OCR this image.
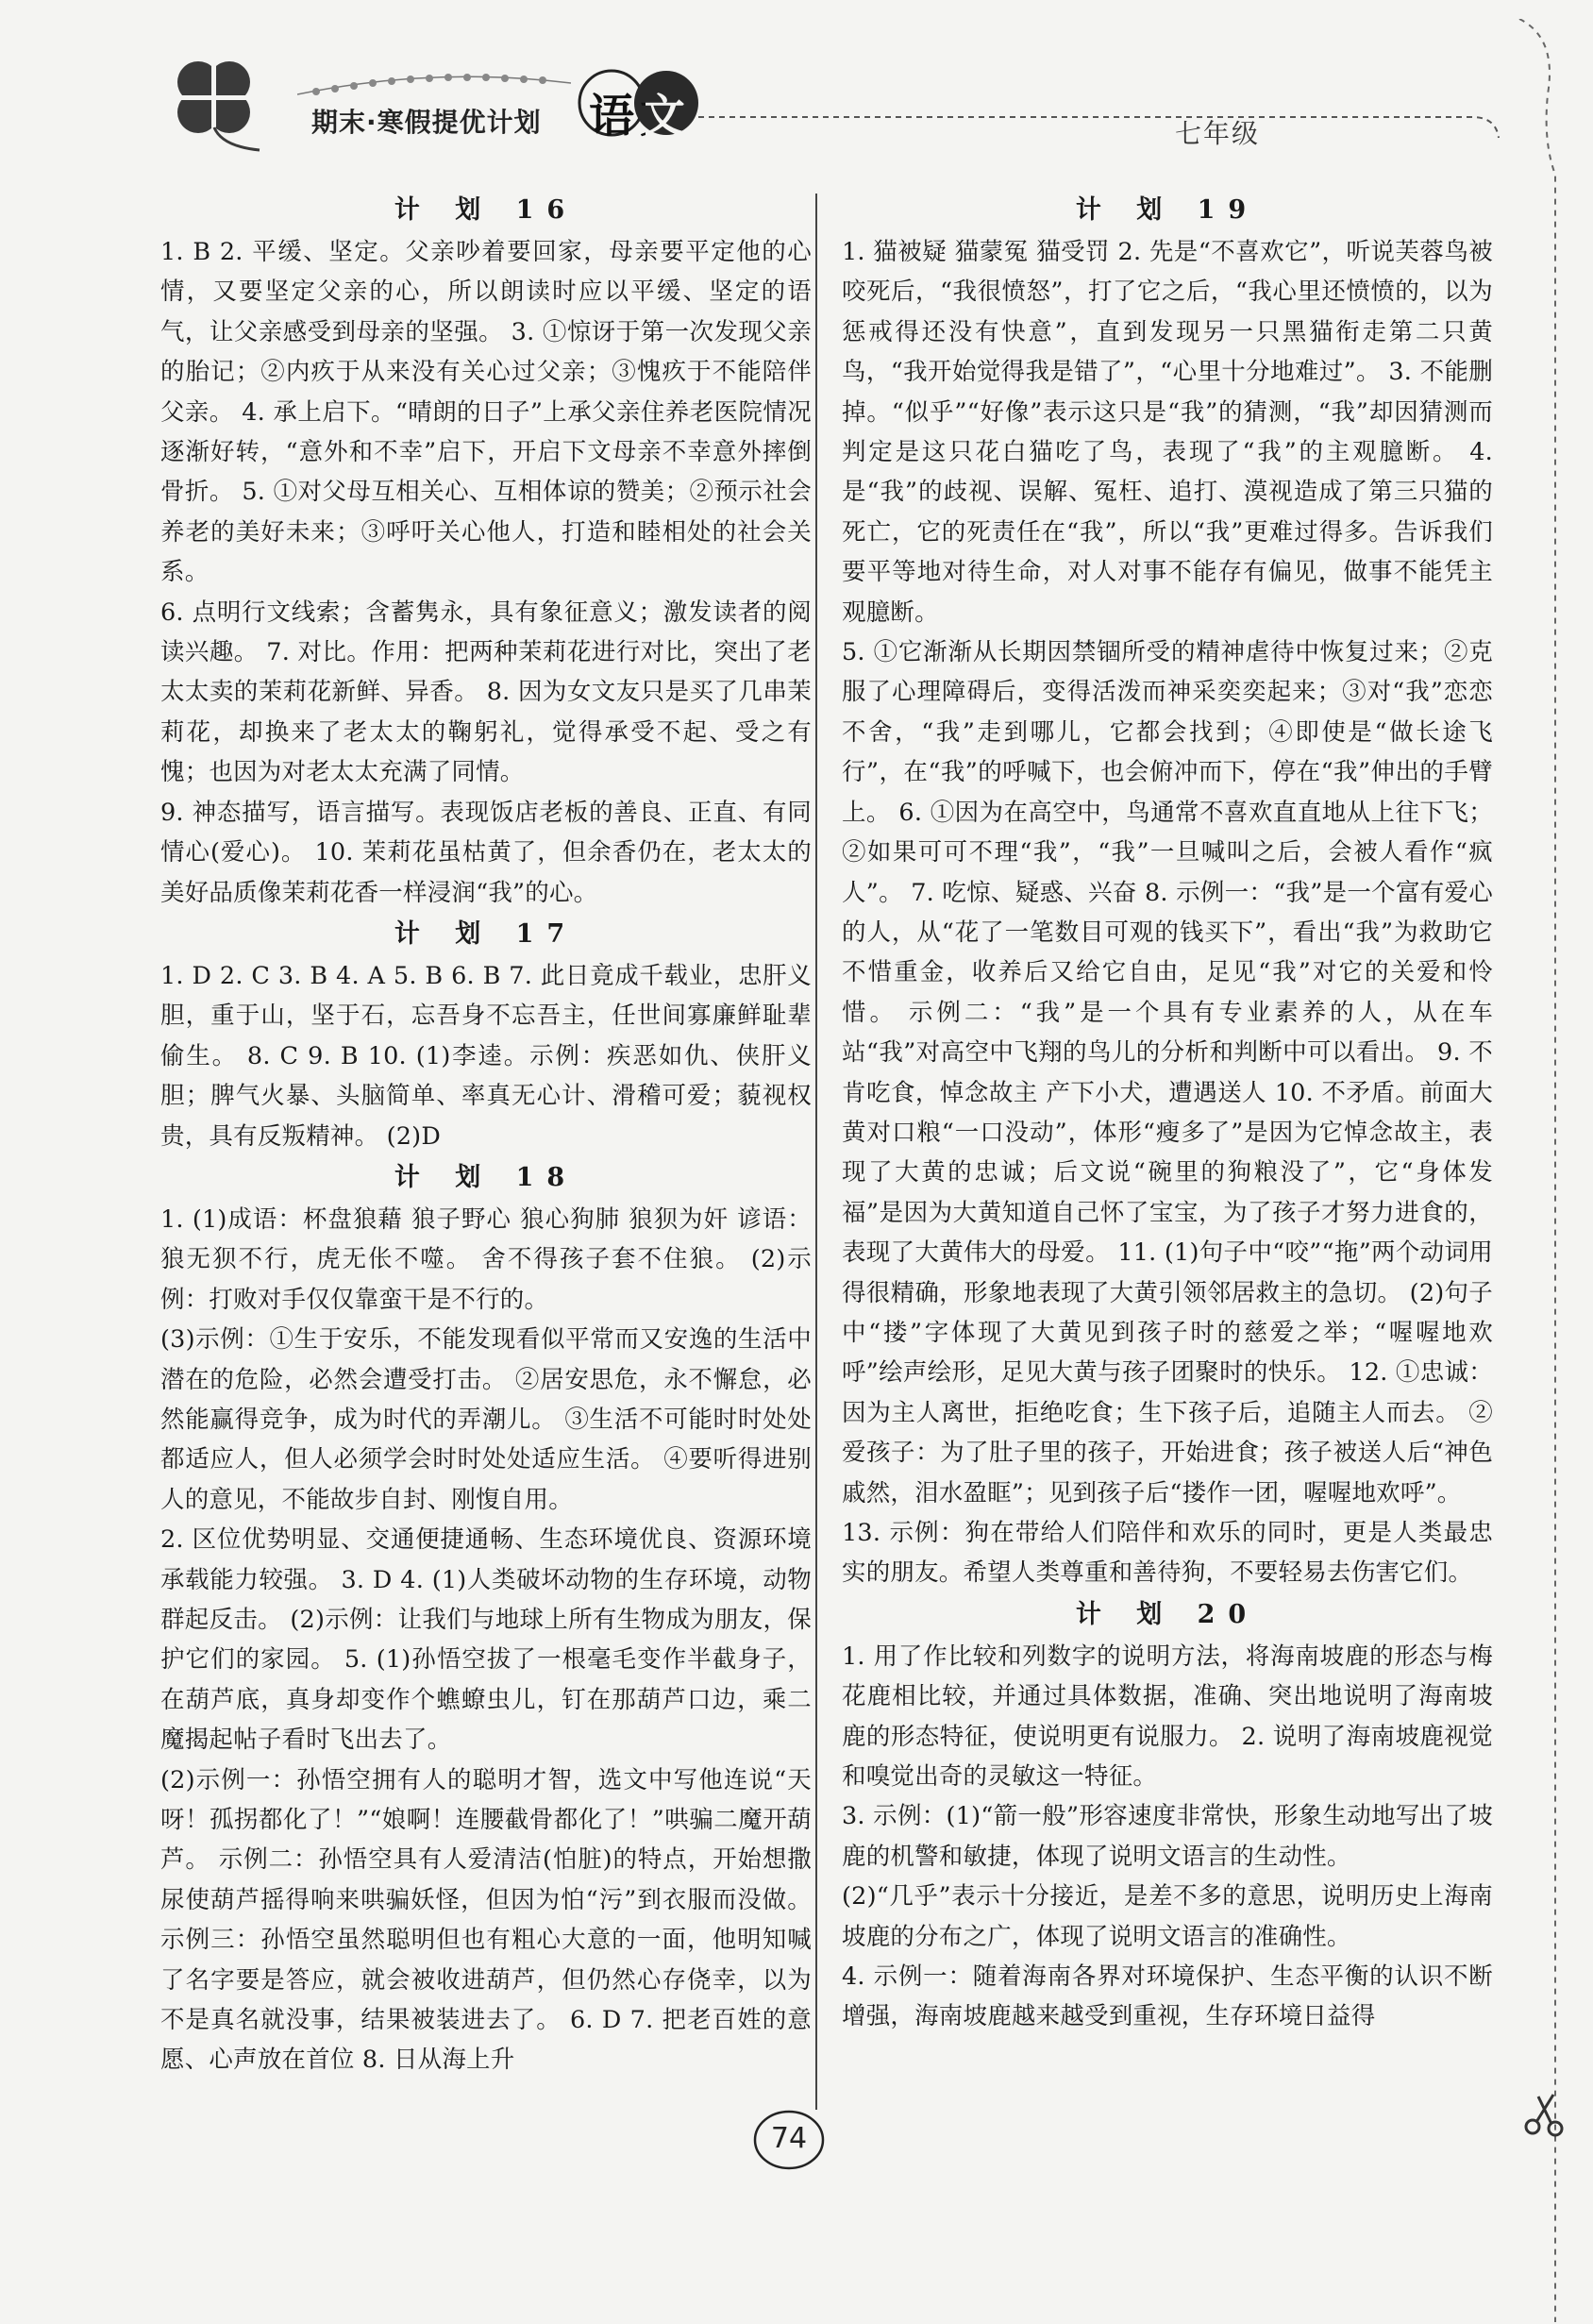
期末·寒假提优计划 语文	七年级
计 划 16

1. B 2. 平缓、坚定。父亲吵着要回家，母亲要平定他的心情，又要坚定父亲的心，所以朗读时应以平缓、坚定的语气，让父亲感受到母亲的坚强。 3. ①惊讶于第一次发现父亲的胎记；②内疚于从来没有关心过父亲；③愧疚于不能陪伴父亲。 4. 承上启下。“晴朗的日子”上承父亲住养老医院情况逐渐好转，“意外和不幸”启下，开启下文母亲不幸意外摔倒骨折。 5. ①对父母互相关心、互相体谅的赞美；②预示社会养老的美好未来；③呼吁关心他人，打造和睦相处的社会关系。

6. 点明行文线索；含蓄隽永，具有象征意义；激发读者的阅读兴趣。 7. 对比。作用：把两种茉莉花进行对比，突出了老太太卖的茉莉花新鲜、异香。 8. 因为女文友只是买了几串茉莉花，却换来了老太太的鞠躬礼，觉得承受不起、受之有愧；也因为对老太太充满了同情。

9. 神态描写，语言描写。表现饭店老板的善良、正直、有同情心(爱心)。 10. 茉莉花虽枯黄了，但余香仍在，老太太的美好品质像茉莉花香一样浸润“我”的心。

计 划 17

1. D 2. C 3. B 4. A 5. B 6. B 7. 此日竟成千载业，忠肝义胆，重于山，坚于石，忘吾身不忘吾主，任世间寡廉鲜耻辈偷生。 8. C 9. B 10. (1)李逵。示例：疾恶如仇、侠肝义胆；脾气火暴、头脑简单、率真无心计、滑稽可爱；藐视权贵，具有反叛精神。 (2)D

计 划 18

1. (1)成语：杯盘狼藉 狼子野心 狼心狗肺 狼狈为奸 谚语：狼无狈不行，虎无伥不噬。 舍不得孩子套不住狼。 (2)示例：打败对手仅仅靠蛮干是不行的。

(3)示例：①生于安乐，不能发现看似平常而又安逸的生活中潜在的危险，必然会遭受打击。 ②居安思危，永不懈怠，必然能赢得竞争，成为时代的弄潮儿。 ③生活不可能时时处处都适应人，但人必须学会时时处处适应生活。 ④要听得进别人的意见，不能故步自封、刚愎自用。

2. 区位优势明显、交通便捷通畅、生态环境优良、资源环境承载能力较强。 3. D 4. (1)人类破坏动物的生存环境，动物群起反击。 (2)示例：让我们与地球上所有生物成为朋友，保护它们的家园。 5. (1)孙悟空拔了一根毫毛变作半截身子，在葫芦底，真身却变作个蟭蟟虫儿，钉在那葫芦口边，乘二魔揭起帖子看时飞出去了。

(2)示例一：孙悟空拥有人的聪明才智，选文中写他连说“天呀！孤拐都化了！”“娘啊！连腰截骨都化了！”哄骗二魔开葫芦。 示例二：孙悟空具有人爱清洁(怕脏)的特点，开始想撒尿使葫芦摇得响来哄骗妖怪，但因为怕“污”到衣服而没做。 示例三：孙悟空虽然聪明但也有粗心大意的一面，他明知喊了名字要是答应，就会被收进葫芦，但仍然心存侥幸，以为不是真名就没事，结果被装进去了。 6. D 7. 把老百姓的意愿、心声放在首位 8. 日从海上升

计 划 19

1. 猫被疑 猫蒙冤 猫受罚 2. 先是“不喜欢它”，听说芙蓉鸟被咬死后，“我很愤怒”，打了它之后，“我心里还愤愤的，以为惩戒得还没有快意”，直到发现另一只黑猫衔走第二只黄鸟，“我开始觉得我是错了”，“心里十分地难过”。 3. 不能删掉。“似乎”“好像”表示这只是“我”的猜测，“我”却因猜测而判定是这只花白猫吃了鸟，表现了“我”的主观臆断。 4. 是“我”的歧视、误解、冤枉、追打、漠视造成了第三只猫的死亡，它的死责任在“我”，所以“我”更难过得多。告诉我们要平等地对待生命，对人对事不能存有偏见，做事不能凭主观臆断。

5. ①它渐渐从长期因禁锢所受的精神虐待中恢复过来；②克服了心理障碍后，变得活泼而神采奕奕起来；③对“我”恋恋不舍，“我”走到哪儿，它都会找到；④即使是“做长途飞行”，在“我”的呼喊下，也会俯冲而下，停在“我”伸出的手臂上。 6. ①因为在高空中，鸟通常不喜欢直直地从上往下飞；②如果可可不理“我”，“我”一旦喊叫之后，会被人看作“疯人”。 7. 吃惊、疑惑、兴奋 8. 示例一：“我”是一个富有爱心的人，从“花了一笔数目可观的钱买下”，看出“我”为救助它不惜重金，收养后又给它自由，足见“我”对它的关爱和怜惜。 示例二：“我”是一个具有专业素养的人，从在车站“我”对高空中飞翔的鸟儿的分析和判断中可以看出。 9. 不肯吃食，悼念故主 产下小犬，遭遇送人 10. 不矛盾。前面大黄对口粮“一口没动”，体形“瘦多了”是因为它悼念故主，表现了大黄的忠诚；后文说“碗里的狗粮没了”，它“身体发福”是因为大黄知道自己怀了宝宝，为了孩子才努力进食的，表现了大黄伟大的母爱。 11. (1)句子中“咬”“拖”两个动词用得很精确，形象地表现了大黄引领邻居救主的急切。 (2)句子中“搂”字体现了大黄见到孩子时的慈爱之举；“喔喔地欢呼”绘声绘形，足见大黄与孩子团聚时的快乐。 12. ①忠诚：因为主人离世，拒绝吃食；生下孩子后，追随主人而去。 ②爱孩子：为了肚子里的孩子，开始进食；孩子被送人后“神色戚然，泪水盈眶”；见到孩子后“搂作一团，喔喔地欢呼”。

13. 示例：狗在带给人们陪伴和欢乐的同时，更是人类最忠实的朋友。希望人类尊重和善待狗，不要轻易去伤害它们。

计 划 20

1. 用了作比较和列数字的说明方法，将海南坡鹿的形态与梅花鹿相比较，并通过具体数据，准确、突出地说明了海南坡鹿的形态特征，使说明更有说服力。 2. 说明了海南坡鹿视觉和嗅觉出奇的灵敏这一特征。

3. 示例：(1)“箭一般”形容速度非常快，形象生动地写出了坡鹿的机警和敏捷，体现了说明文语言的生动性。

(2)“几乎”表示十分接近，是差不多的意思，说明历史上海南坡鹿的分布之广，体现了说明文语言的准确性。

4. 示例一：随着海南各界对环境保护、生态平衡的认识不断增强，海南坡鹿越来越受到重视，生存环境日益得

74
